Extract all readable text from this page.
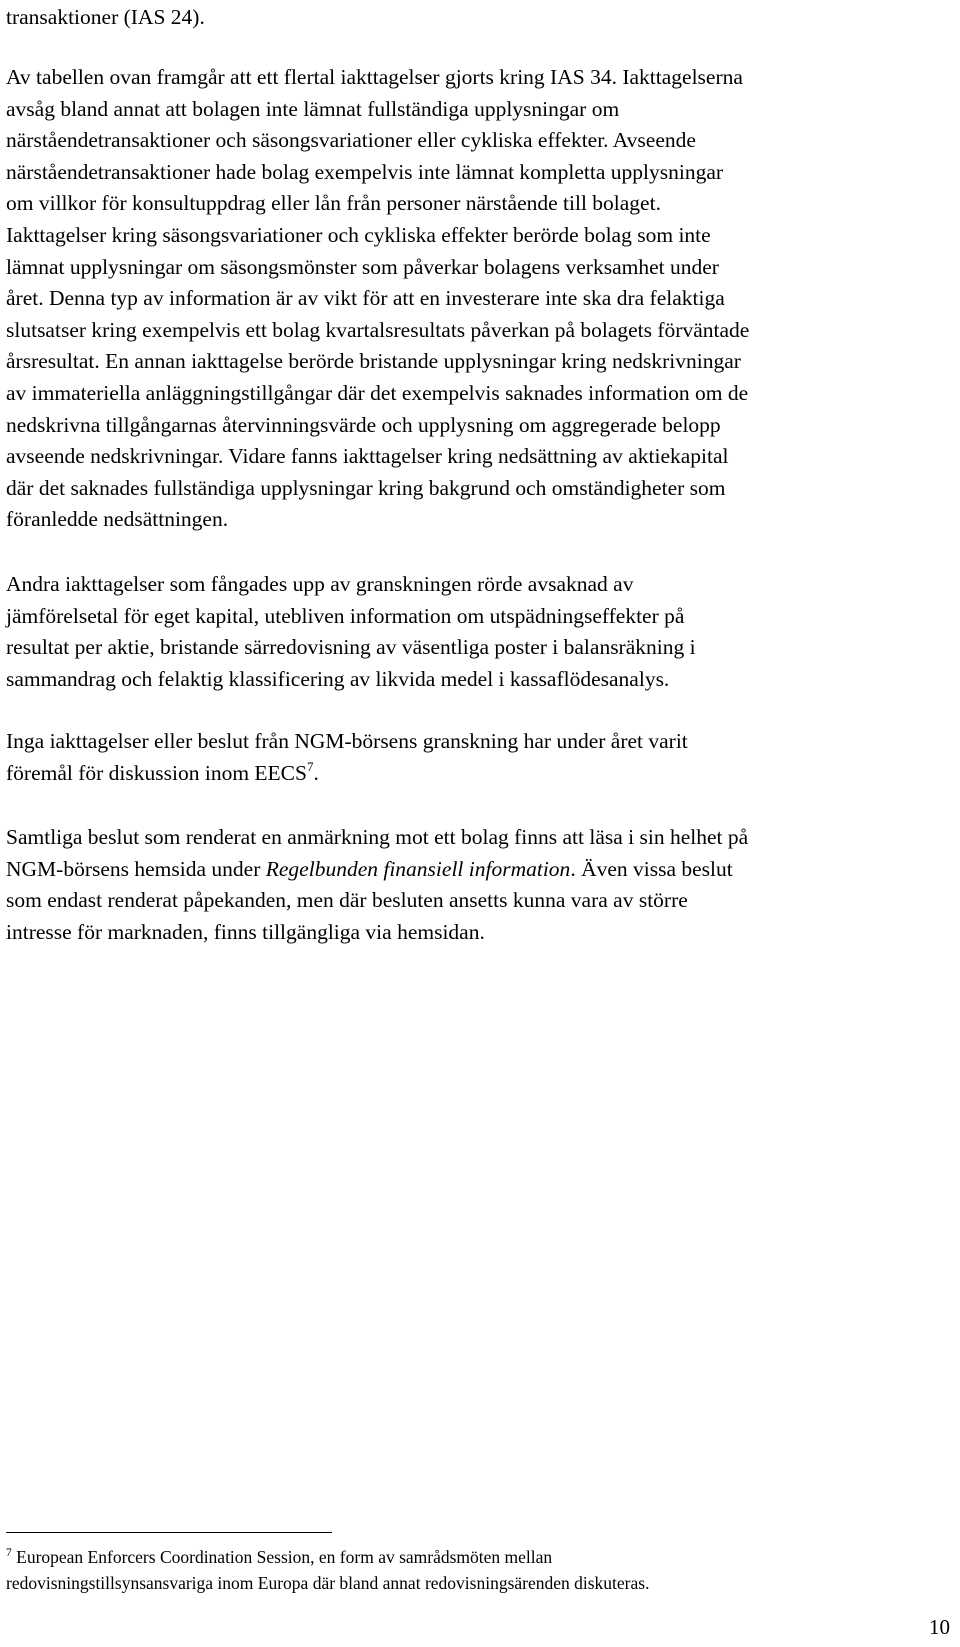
transaktioner (IAS 24).

Av tabellen ovan framgår att ett flertal iakttagelser gjorts kring IAS 34. Iakttagelserna
avsåg bland annat att bolagen inte lämnat fullständiga upplysningar om
närståendetransaktioner och säsongsvariationer eller cykliska effekter. Avseende
närståendetransaktioner hade bolag exempelvis inte lämnat kompletta upplysningar
om villkor för konsultuppdrag eller lån från personer närstående till bolaget.
Iakttagelser kring säsongsvariationer och cykliska effekter berörde bolag som inte
lämnat upplysningar om säsongsmönster som påverkar bolagens verksamhet under
året. Denna typ av information är av vikt för att en investerare inte ska dra felaktiga
slutsatser kring exempelvis ett bolag kvartalsresultats påverkan på bolagets förväntade
årsresultat. En annan iakttagelse berörde bristande upplysningar kring nedskrivningar
av immateriella anläggningstillgångar där det exempelvis saknades information om de
nedskrivna tillgångarnas återvinningsvärde och upplysning om aggregerade belopp
avseende nedskrivningar. Vidare fanns iakttagelser kring nedsättning av aktiekapital
där det saknades fullständiga upplysningar kring bakgrund och omständigheter som
föranledde nedsättningen.

Andra iakttagelser som fångades upp av granskningen rörde avsaknad av
jämförelsetal för eget kapital, utebliven information om utspädningseffekter på
resultat per aktie, bristande särredovisning av väsentliga poster i balansräkning i
sammandrag och felaktig klassificering av likvida medel i kassaflödesanalys.

Inga iakttagelser eller beslut från NGM-börsens granskning har under året varit
föremål för diskussion inom EECS$^7$.

Samtliga beslut som renderat en anmärkning mot ett bolag finns att läsa i sin helhet på
NGM-börsens hemsida under Regelbunden finansiell information. Även vissa beslut
som endast renderat påpekanden, men där besluten ansetts kunna vara av större
intresse för marknaden, finns tillgängliga via hemsidan.

$^7$ European Enforcers Coordination Session, en form av samrådsmöten mellan
redovisningstillsynsansvariga inom Europa där bland annat redovisningsärenden diskuteras.

10
